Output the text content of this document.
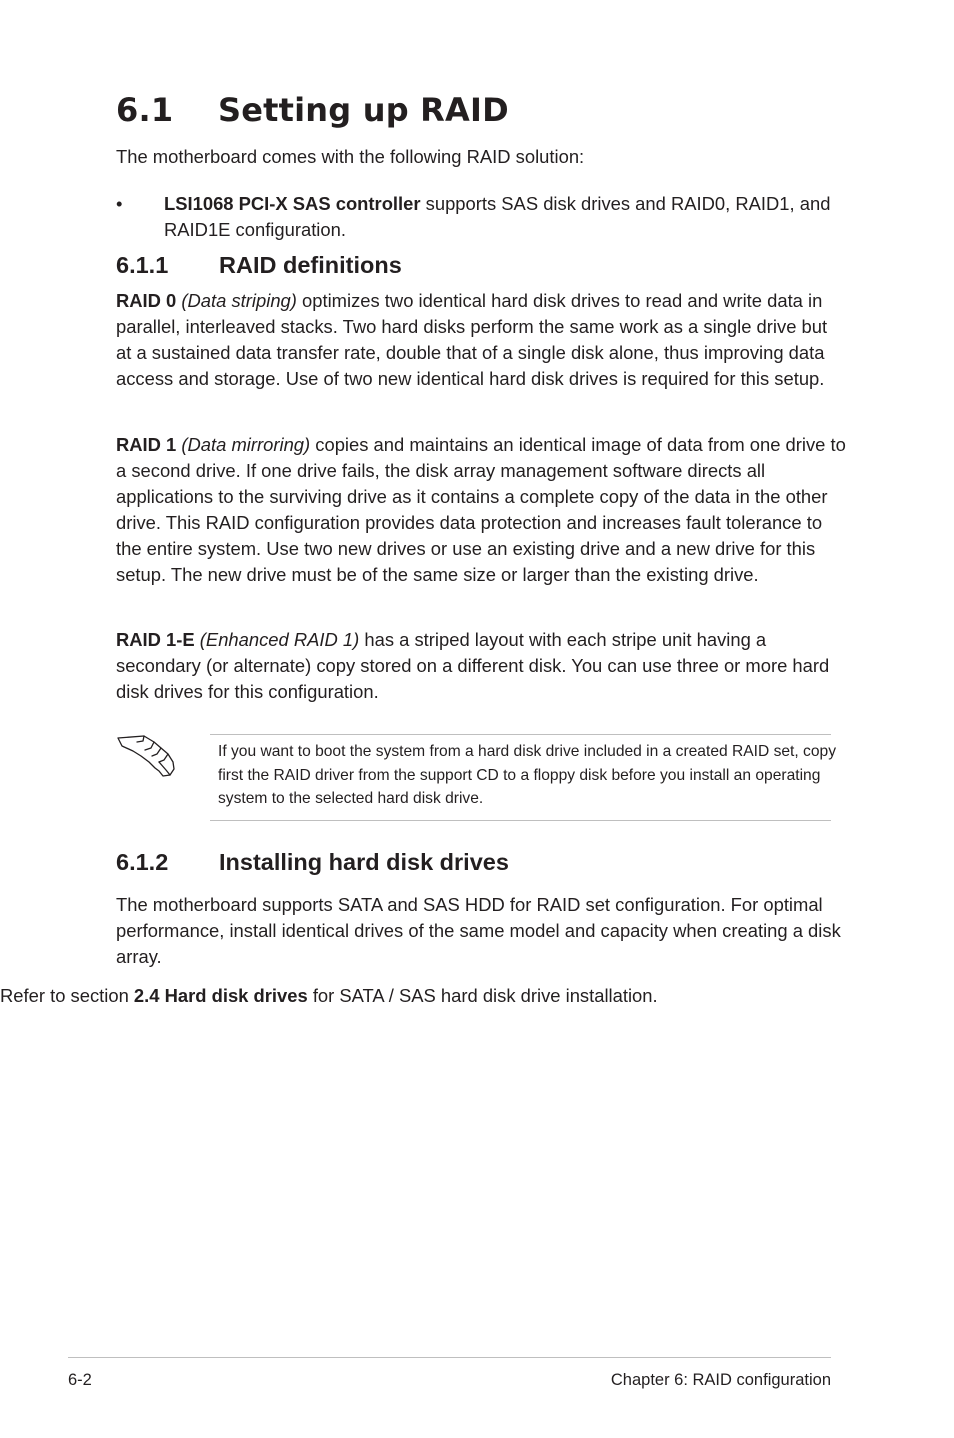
6.1 Setting up RAID
The motherboard comes with the following RAID solution:
• LSI1068 PCI-X SAS controller supports SAS disk drives and RAID0, RAID1, and RAID1E configuration.
6.1.1 RAID definitions
RAID 0 (Data striping) optimizes two identical hard disk drives to read and write data in parallel, interleaved stacks. Two hard disks perform the same work as a single drive but at a sustained data transfer rate, double that of a single disk alone, thus improving data access and storage. Use of two new identical hard disk drives is required for this setup.
RAID 1 (Data mirroring) copies and maintains an identical image of data from one drive to a second drive. If one drive fails, the disk array management software directs all applications to the surviving drive as it contains a complete copy of the data in the other drive. This RAID configuration provides data protection and increases fault tolerance to the entire system. Use two new drives or use an existing drive and a new drive for this setup. The new drive must be of the same size or larger than the existing drive.
RAID 1-E (Enhanced RAID 1) has a striped layout with each stripe unit having a secondary (or alternate) copy stored on a different disk. You can use three or more hard disk drives for this configuration.
If you want to boot the system from a hard disk drive included in a created RAID set, copy first the RAID driver from the support CD to a floppy disk before you install an operating system to the selected hard disk drive.
6.1.2 Installing hard disk drives
The motherboard supports SATA and SAS HDD for RAID set configuration. For optimal performance, install identical drives of the same model and capacity when creating a disk array.
Refer to section 2.4 Hard disk drives for SATA / SAS hard disk drive installation.
6-2	Chapter 6: RAID configuration
